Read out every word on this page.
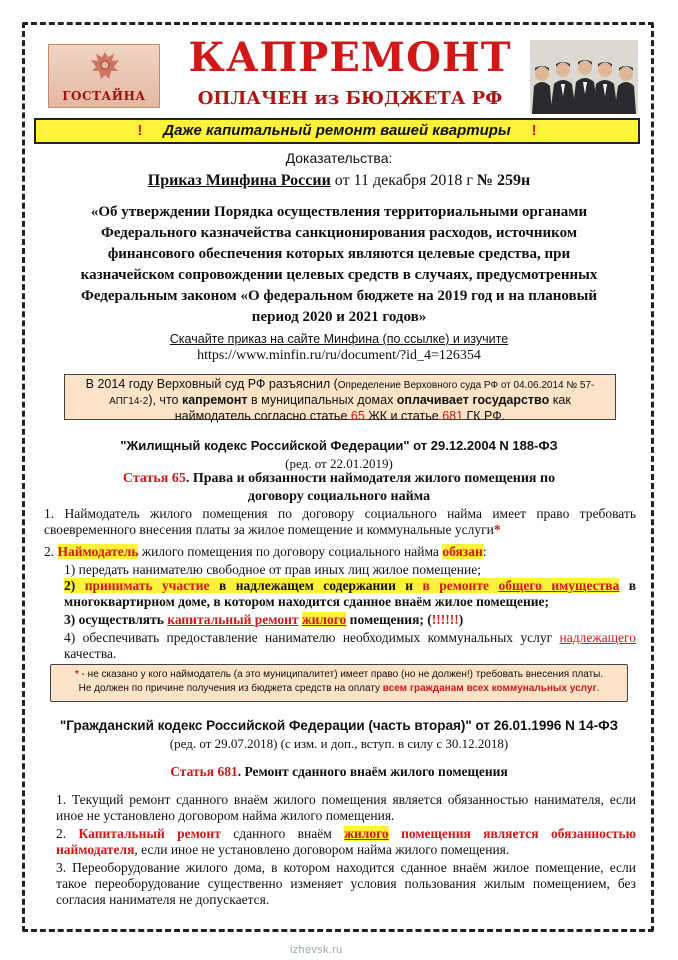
ГОСТАЙНА
КАПРЕМОНТ
ОПЛАЧЕН из БЮДЖЕТА РФ
! Даже капитальный ремонт вашей квартиры !
Доказательства:
Приказ Минфина России от 11 декабря 2018 г № 259н
«Об утверждении Порядка осуществления территориальными органами Федерального казначейства санкционирования расходов, источником финансового обеспечения которых являются целевые средства, при казначейском сопровождении целевых средств в случаях, предусмотренных Федеральным законом «О федеральном бюджете на 2019 год и на плановый период 2020 и 2021 годов»
Скачайте приказ на сайте Минфина (по ссылке) и изучите
https://www.minfin.ru/ru/document/?id_4=126354
В 2014 году Верховный суд РФ разъяснил (Определение Верховного суда РФ от 04.06.2014 № 57-АПГ14-2), что капремонт в муниципальных домах оплачивает государство как наймодатель согласно статье 65 ЖК и статье 681 ГК РФ.
"Жилищный кодекс Российской Федерации" от 29.12.2004 N 188-ФЗ
(ред. от 22.01.2019)
Статья 65. Права и обязанности наймодателя жилого помещения по договору социального найма
1. Наймодатель жилого помещения по договору социального найма имеет право требовать своевременного внесения платы за жилое помещение и коммунальные услуги*
2. Наймодатель жилого помещения по договору социального найма обязан:
1) передать нанимателю свободное от прав иных лиц жилое помещение;
2) принимать участие в надлежащем содержании и в ремонте общего имущества в многоквартирном доме, в котором находится сданное внаём жилое помещение;
3) осуществлять капитальный ремонт жилого помещения; (!!!!!!)
4) обеспечивать предоставление нанимателю необходимых коммунальных услуг надлежащего качества.
* - не сказано у кого наймодатель (а это муниципалитет) имеет право (но не должен!) требовать внесения платы.
Не должен по причине получения из бюджета средств на оплату всем гражданам всех коммунальных услуг.
"Гражданский кодекс Российской Федерации (часть вторая)" от 26.01.1996 N 14-ФЗ
(ред. от 29.07.2018) (с изм. и доп., вступ. в силу с 30.12.2018)
Статья 681. Ремонт сданного внаём жилого помещения
1. Текущий ремонт сданного внаём жилого помещения является обязанностью нанимателя, если иное не установлено договором найма жилого помещения.
2. Капитальный ремонт сданного внаём жилого помещения является обязанностью наймодателя, если иное не установлено договором найма жилого помещения.
3. Переоборудование жилого дома, в котором находится сданное внаём жилое помещение, если такое переоборудование существенно изменяет условия пользования жилым помещением, без согласия нанимателя не допускается.
izhevsk.ru
